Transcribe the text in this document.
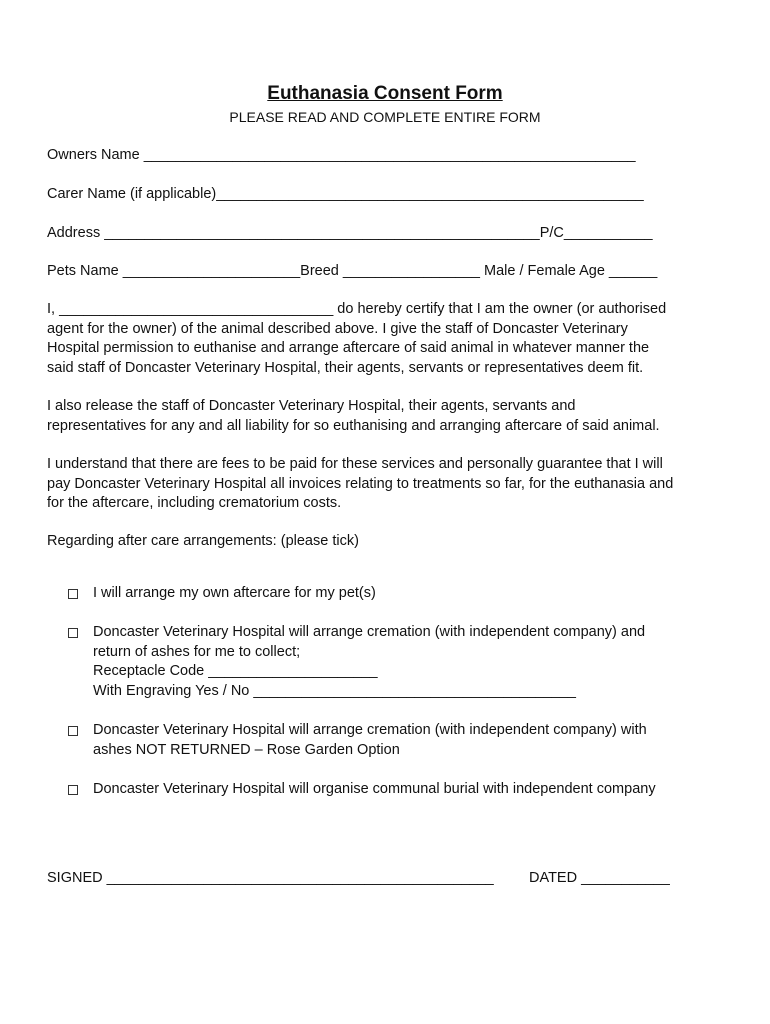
Euthanasia Consent Form
PLEASE READ AND COMPLETE ENTIRE FORM
Owners Name _____________________________________________________________
Carer Name (if applicable)_____________________________________________________
Address ______________________________________________________P/C___________
Pets Name ______________________Breed _________________ Male / Female Age ______
I, __________________________________ do hereby certify that I am the owner (or authorised
agent for the owner) of the animal described above. I give the staff of Doncaster Veterinary
Hospital permission to euthanise and arrange aftercare of said animal in whatever manner the
said staff of Doncaster Veterinary Hospital, their agents, servants or representatives deem fit.
I also release the staff of Doncaster Veterinary Hospital, their agents, servants and
representatives for any and all liability for so euthanising and arranging aftercare of said animal.
I understand that there are fees to be paid for these services and personally guarantee that I will
pay Doncaster Veterinary Hospital all invoices relating to treatments so far, for the euthanasia and
for the aftercare, including crematorium costs.
Regarding after care arrangements: (please tick)
I will arrange my own aftercare for my pet(s)
Doncaster Veterinary Hospital will arrange cremation (with independent company) and
return of ashes for me to collect;
Receptacle Code _____________________
With Engraving Yes / No ________________________________________
Doncaster Veterinary Hospital will arrange cremation (with independent company) with
ashes NOT RETURNED – Rose Garden Option
Doncaster Veterinary Hospital will organise communal burial with independent company
SIGNED ________________________________________________ DATED ___________
